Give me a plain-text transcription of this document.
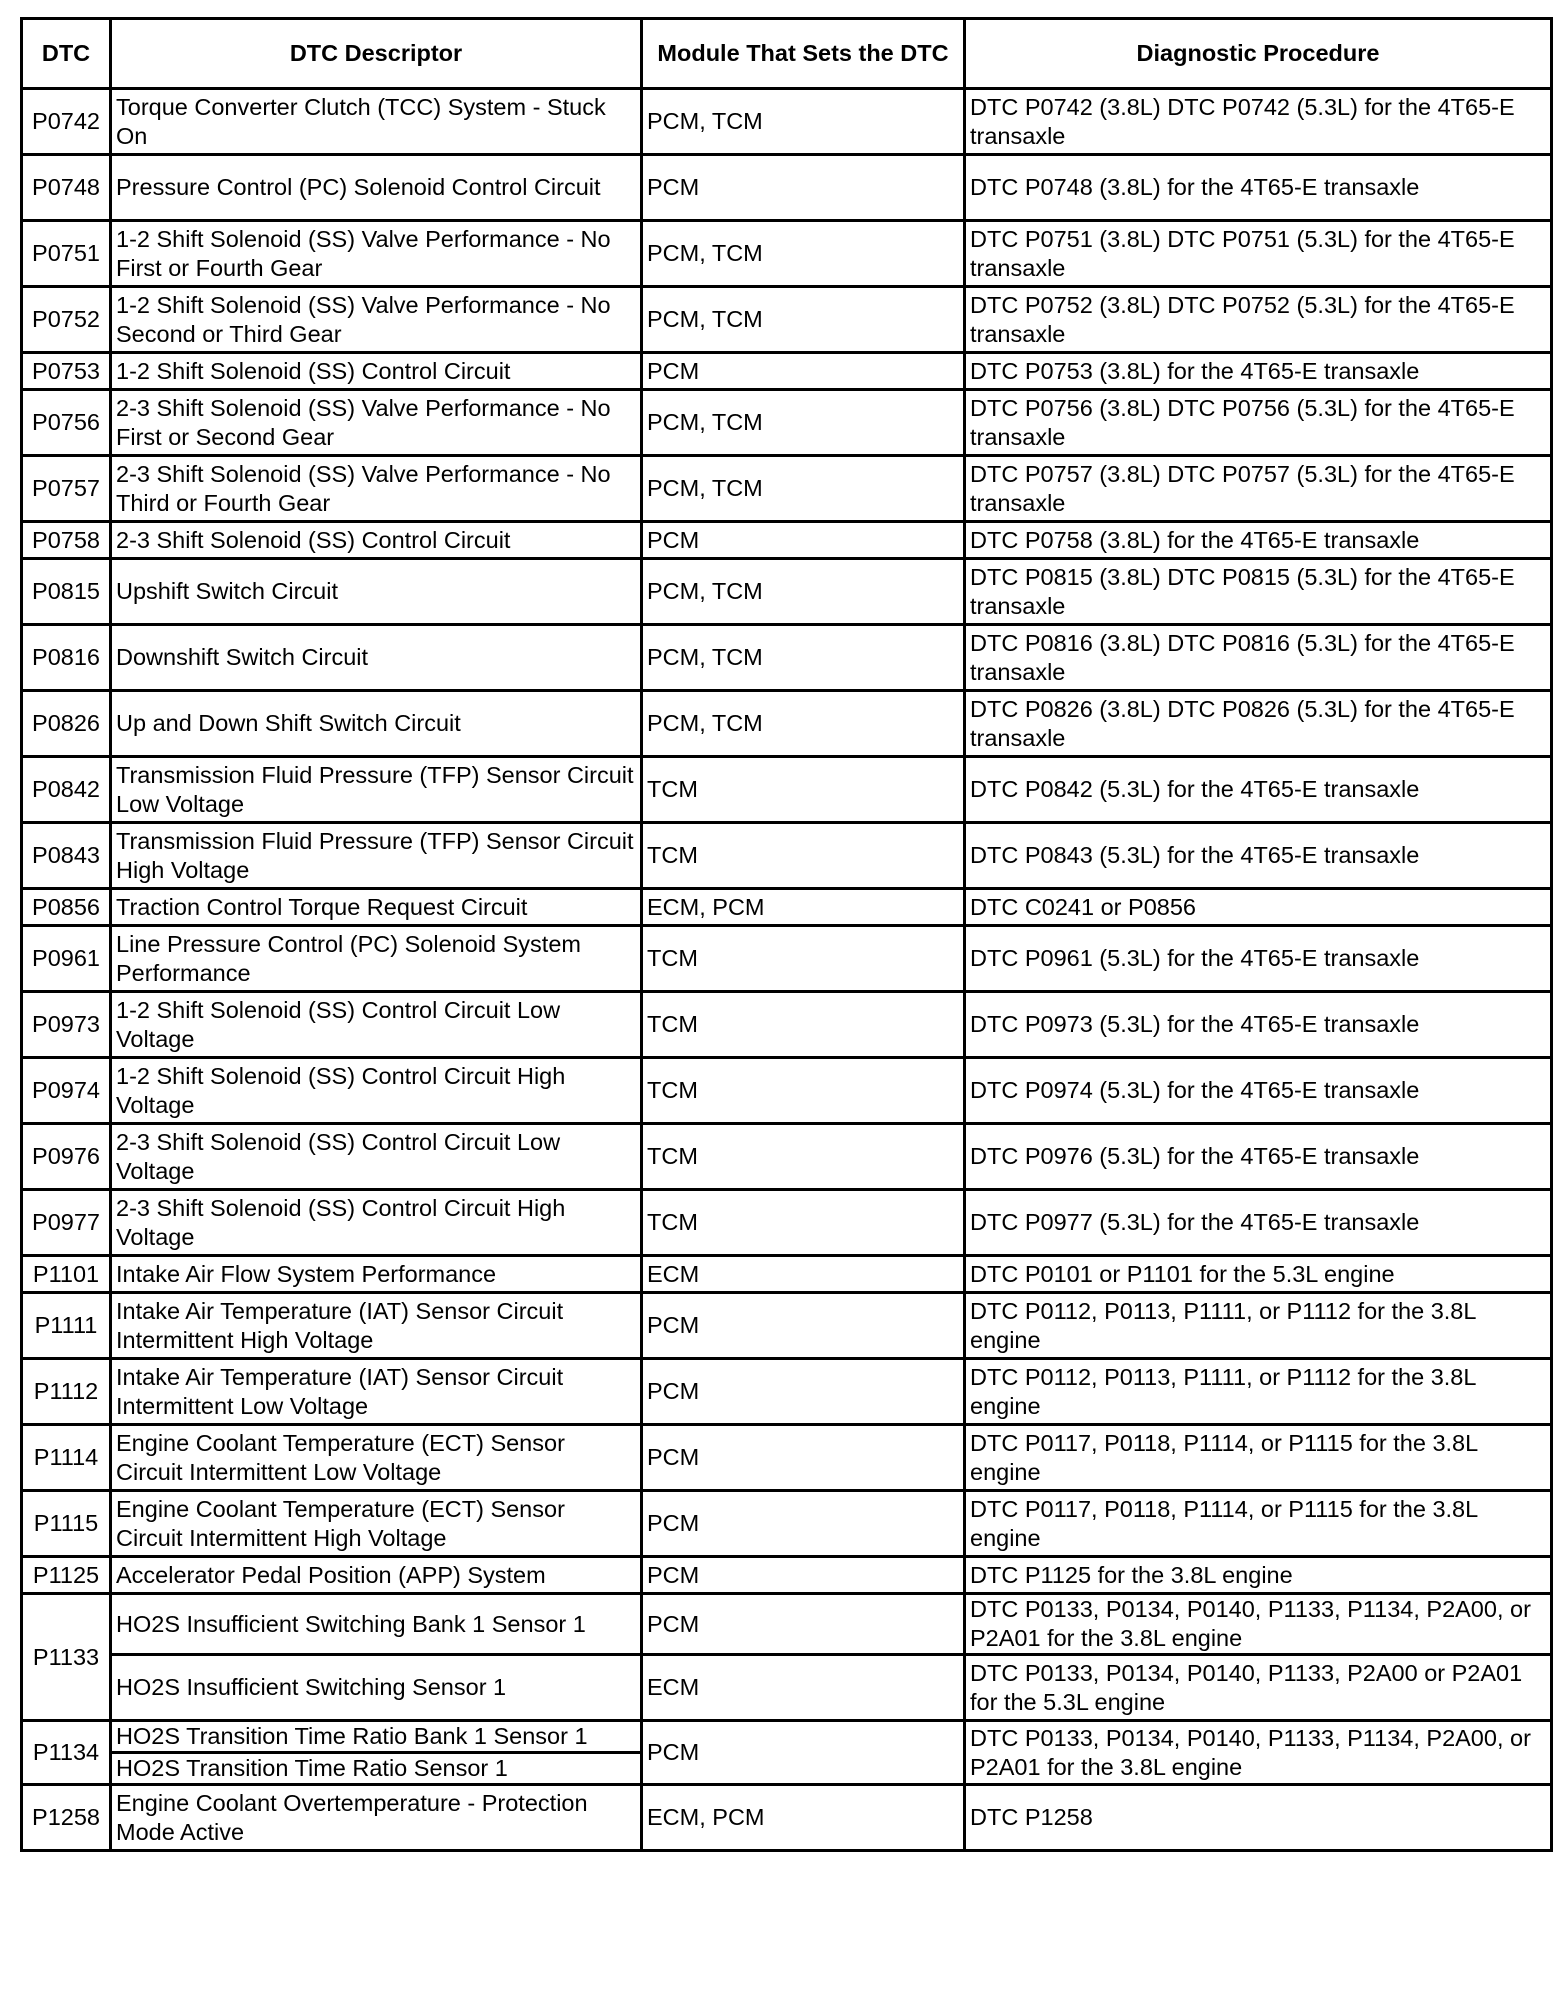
DTC	DTC Descriptor	Module That Sets the DTC	Diagnostic Procedure
P0742	Torque Converter Clutch (TCC) System - Stuck On	PCM, TCM	DTC P0742 (3.8L) DTC P0742 (5.3L) for the 4T65-E transaxle
P0748	Pressure Control (PC) Solenoid Control Circuit	PCM	DTC P0748 (3.8L) for the 4T65-E transaxle
P0751	1-2 Shift Solenoid (SS) Valve Performance - No First or Fourth Gear	PCM, TCM	DTC P0751 (3.8L) DTC P0751 (5.3L) for the 4T65-E transaxle
P0752	1-2 Shift Solenoid (SS) Valve Performance - No Second or Third Gear	PCM, TCM	DTC P0752 (3.8L) DTC P0752 (5.3L) for the 4T65-E transaxle
P0753	1-2 Shift Solenoid (SS) Control Circuit	PCM	DTC P0753 (3.8L) for the 4T65-E transaxle
P0756	2-3 Shift Solenoid (SS) Valve Performance - No First or Second Gear	PCM, TCM	DTC P0756 (3.8L) DTC P0756 (5.3L) for the 4T65-E transaxle
P0757	2-3 Shift Solenoid (SS) Valve Performance - No Third or Fourth Gear	PCM, TCM	DTC P0757 (3.8L) DTC P0757 (5.3L) for the 4T65-E transaxle
P0758	2-3 Shift Solenoid (SS) Control Circuit	PCM	DTC P0758 (3.8L) for the 4T65-E transaxle
P0815	Upshift Switch Circuit	PCM, TCM	DTC P0815 (3.8L) DTC P0815 (5.3L) for the 4T65-E transaxle
P0816	Downshift Switch Circuit	PCM, TCM	DTC P0816 (3.8L) DTC P0816 (5.3L) for the 4T65-E transaxle
P0826	Up and Down Shift Switch Circuit	PCM, TCM	DTC P0826 (3.8L) DTC P0826 (5.3L) for the 4T65-E transaxle
P0842	Transmission Fluid Pressure (TFP) Sensor Circuit Low Voltage	TCM	DTC P0842 (5.3L) for the 4T65-E transaxle
P0843	Transmission Fluid Pressure (TFP) Sensor Circuit High Voltage	TCM	DTC P0843 (5.3L) for the 4T65-E transaxle
P0856	Traction Control Torque Request Circuit	ECM, PCM	DTC C0241 or P0856
P0961	Line Pressure Control (PC) Solenoid System Performance	TCM	DTC P0961 (5.3L) for the 4T65-E transaxle
P0973	1-2 Shift Solenoid (SS) Control Circuit Low Voltage	TCM	DTC P0973 (5.3L) for the 4T65-E transaxle
P0974	1-2 Shift Solenoid (SS) Control Circuit High Voltage	TCM	DTC P0974 (5.3L) for the 4T65-E transaxle
P0976	2-3 Shift Solenoid (SS) Control Circuit Low Voltage	TCM	DTC P0976 (5.3L) for the 4T65-E transaxle
P0977	2-3 Shift Solenoid (SS) Control Circuit High Voltage	TCM	DTC P0977 (5.3L) for the 4T65-E transaxle
P1101	Intake Air Flow System Performance	ECM	DTC P0101 or P1101 for the 5.3L engine
P1111	Intake Air Temperature (IAT) Sensor Circuit Intermittent High Voltage	PCM	DTC P0112, P0113, P1111, or P1112 for the 3.8L engine
P1112	Intake Air Temperature (IAT) Sensor Circuit Intermittent Low Voltage	PCM	DTC P0112, P0113, P1111, or P1112 for the 3.8L engine
P1114	Engine Coolant Temperature (ECT) Sensor Circuit Intermittent Low Voltage	PCM	DTC P0117, P0118, P1114, or P1115 for the 3.8L engine
P1115	Engine Coolant Temperature (ECT) Sensor Circuit Intermittent High Voltage	PCM	DTC P0117, P0118, P1114, or P1115 for the 3.8L engine
P1125	Accelerator Pedal Position (APP) System	PCM	DTC P1125 for the 3.8L engine
P1133	HO2S Insufficient Switching Bank 1 Sensor 1	PCM	DTC P0133, P0134, P0140, P1133, P1134, P2A00, or P2A01 for the 3.8L engine
	HO2S Insufficient Switching Sensor 1	ECM	DTC P0133, P0134, P0140, P1133, P2A00 or P2A01 for the 5.3L engine
P1134	HO2S Transition Time Ratio Bank 1 Sensor 1	PCM	DTC P0133, P0134, P0140, P1133, P1134, P2A00, or P2A01 for the 3.8L engine
	HO2S Transition Time Ratio Sensor 1		
P1258	Engine Coolant Overtemperature - Protection Mode Active	ECM, PCM	DTC P1258
